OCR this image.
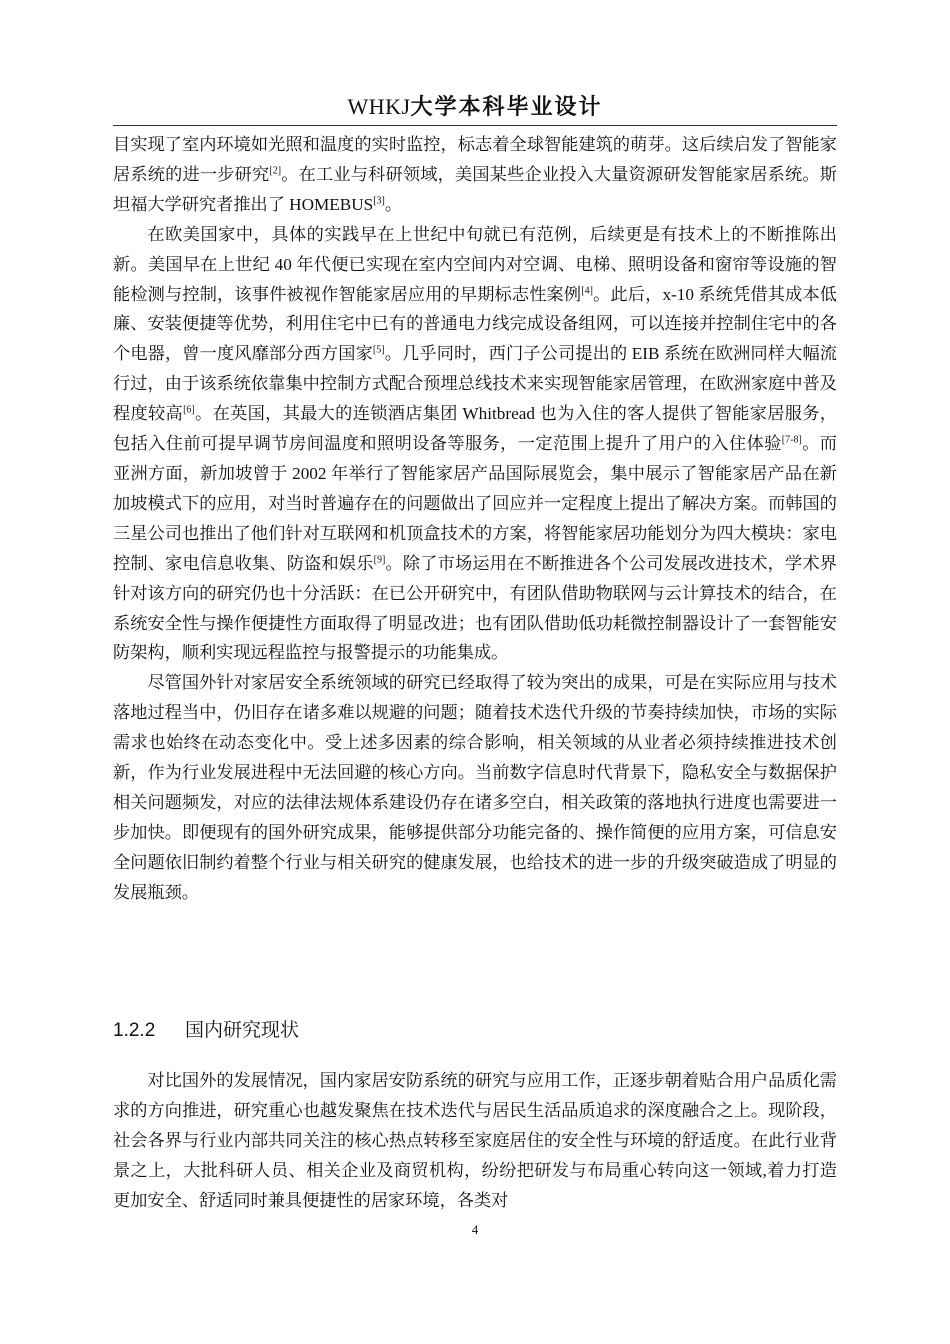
WHKJ大学本科毕业设计

目实现了室内环境如光照和温度的实时监控，标志着全球智能建筑的萌芽。这后续启发了智能家居系统的进一步研究[2]。在工业与科研领域，美国某些企业投入大量资源研发智能家居系统。斯坦福大学研究者推出了 HOMEBUS[3]。

在欧美国家中，具体的实践早在上世纪中旬就已有范例，后续更是有技术上的不断推陈出新。美国早在上世纪 40 年代便已实现在室内空间内对空调、电梯、照明设备和窗帘等设施的智能检测与控制，该事件被视作智能家居应用的早期标志性案例[4]。此后，x-10 系统凭借其成本低廉、安装便捷等优势，利用住宅中已有的普通电力线完成设备组网，可以连接并控制住宅中的各个电器，曾一度风靡部分西方国家[5]。几乎同时，西门子公司提出的 EIB 系统在欧洲同样大幅流行过，由于该系统依靠集中控制方式配合预埋总线技术来实现智能家居管理，在欧洲家庭中普及程度较高[6]。在英国，其最大的连锁酒店集团 Whitbread 也为入住的客人提供了智能家居服务，包括入住前可提早调节房间温度和照明设备等服务，一定范围上提升了用户的入住体验[7-8]。而亚洲方面，新加坡曾于 2002 年举行了智能家居产品国际展览会，集中展示了智能家居产品在新加坡模式下的应用，对当时普遍存在的问题做出了回应并一定程度上提出了解决方案。而韩国的三星公司也推出了他们针对互联网和机顶盒技术的方案，将智能家居功能划分为四大模块：家电控制、家电信息收集、防盗和娱乐[9]。除了市场运用在不断推进各个公司发展改进技术，学术界针对该方向的研究仍也十分活跃：在已公开研究中，有团队借助物联网与云计算技术的结合，在系统安全性与操作便捷性方面取得了明显改进；也有团队借助低功耗微控制器设计了一套智能安防架构，顺利实现远程监控与报警提示的功能集成。

尽管国外针对家居安全系统领域的研究已经取得了较为突出的成果，可是在实际应用与技术落地过程当中，仍旧存在诸多难以规避的问题；随着技术迭代升级的节奏持续加快，市场的实际需求也始终在动态变化中。受上述多因素的综合影响，相关领域的从业者必须持续推进技术创新，作为行业发展进程中无法回避的核心方向。当前数字信息时代背景下，隐私安全与数据保护相关问题频发，对应的法律法规体系建设仍存在诸多空白，相关政策的落地执行进度也需要进一步加快。即便现有的国外研究成果，能够提供部分功能完备的、操作简便的应用方案，可信息安全问题依旧制约着整个行业与相关研究的健康发展，也给技术的进一步的升级突破造成了明显的发展瓶颈。

1.2.2 国内研究现状

对比国外的发展情况，国内家居安防系统的研究与应用工作，正逐步朝着贴合用户品质化需求的方向推进，研究重心也越发聚焦在技术迭代与居民生活品质追求的深度融合之上。现阶段，社会各界与行业内部共同关注的核心热点转移至家庭居住的安全性与环境的舒适度。在此行业背景之上，大批科研人员、相关企业及商贸机构，纷纷把研发与布局重心转向这一领域,着力打造更加安全、舒适同时兼具便捷性的居家环境，各类对

4
